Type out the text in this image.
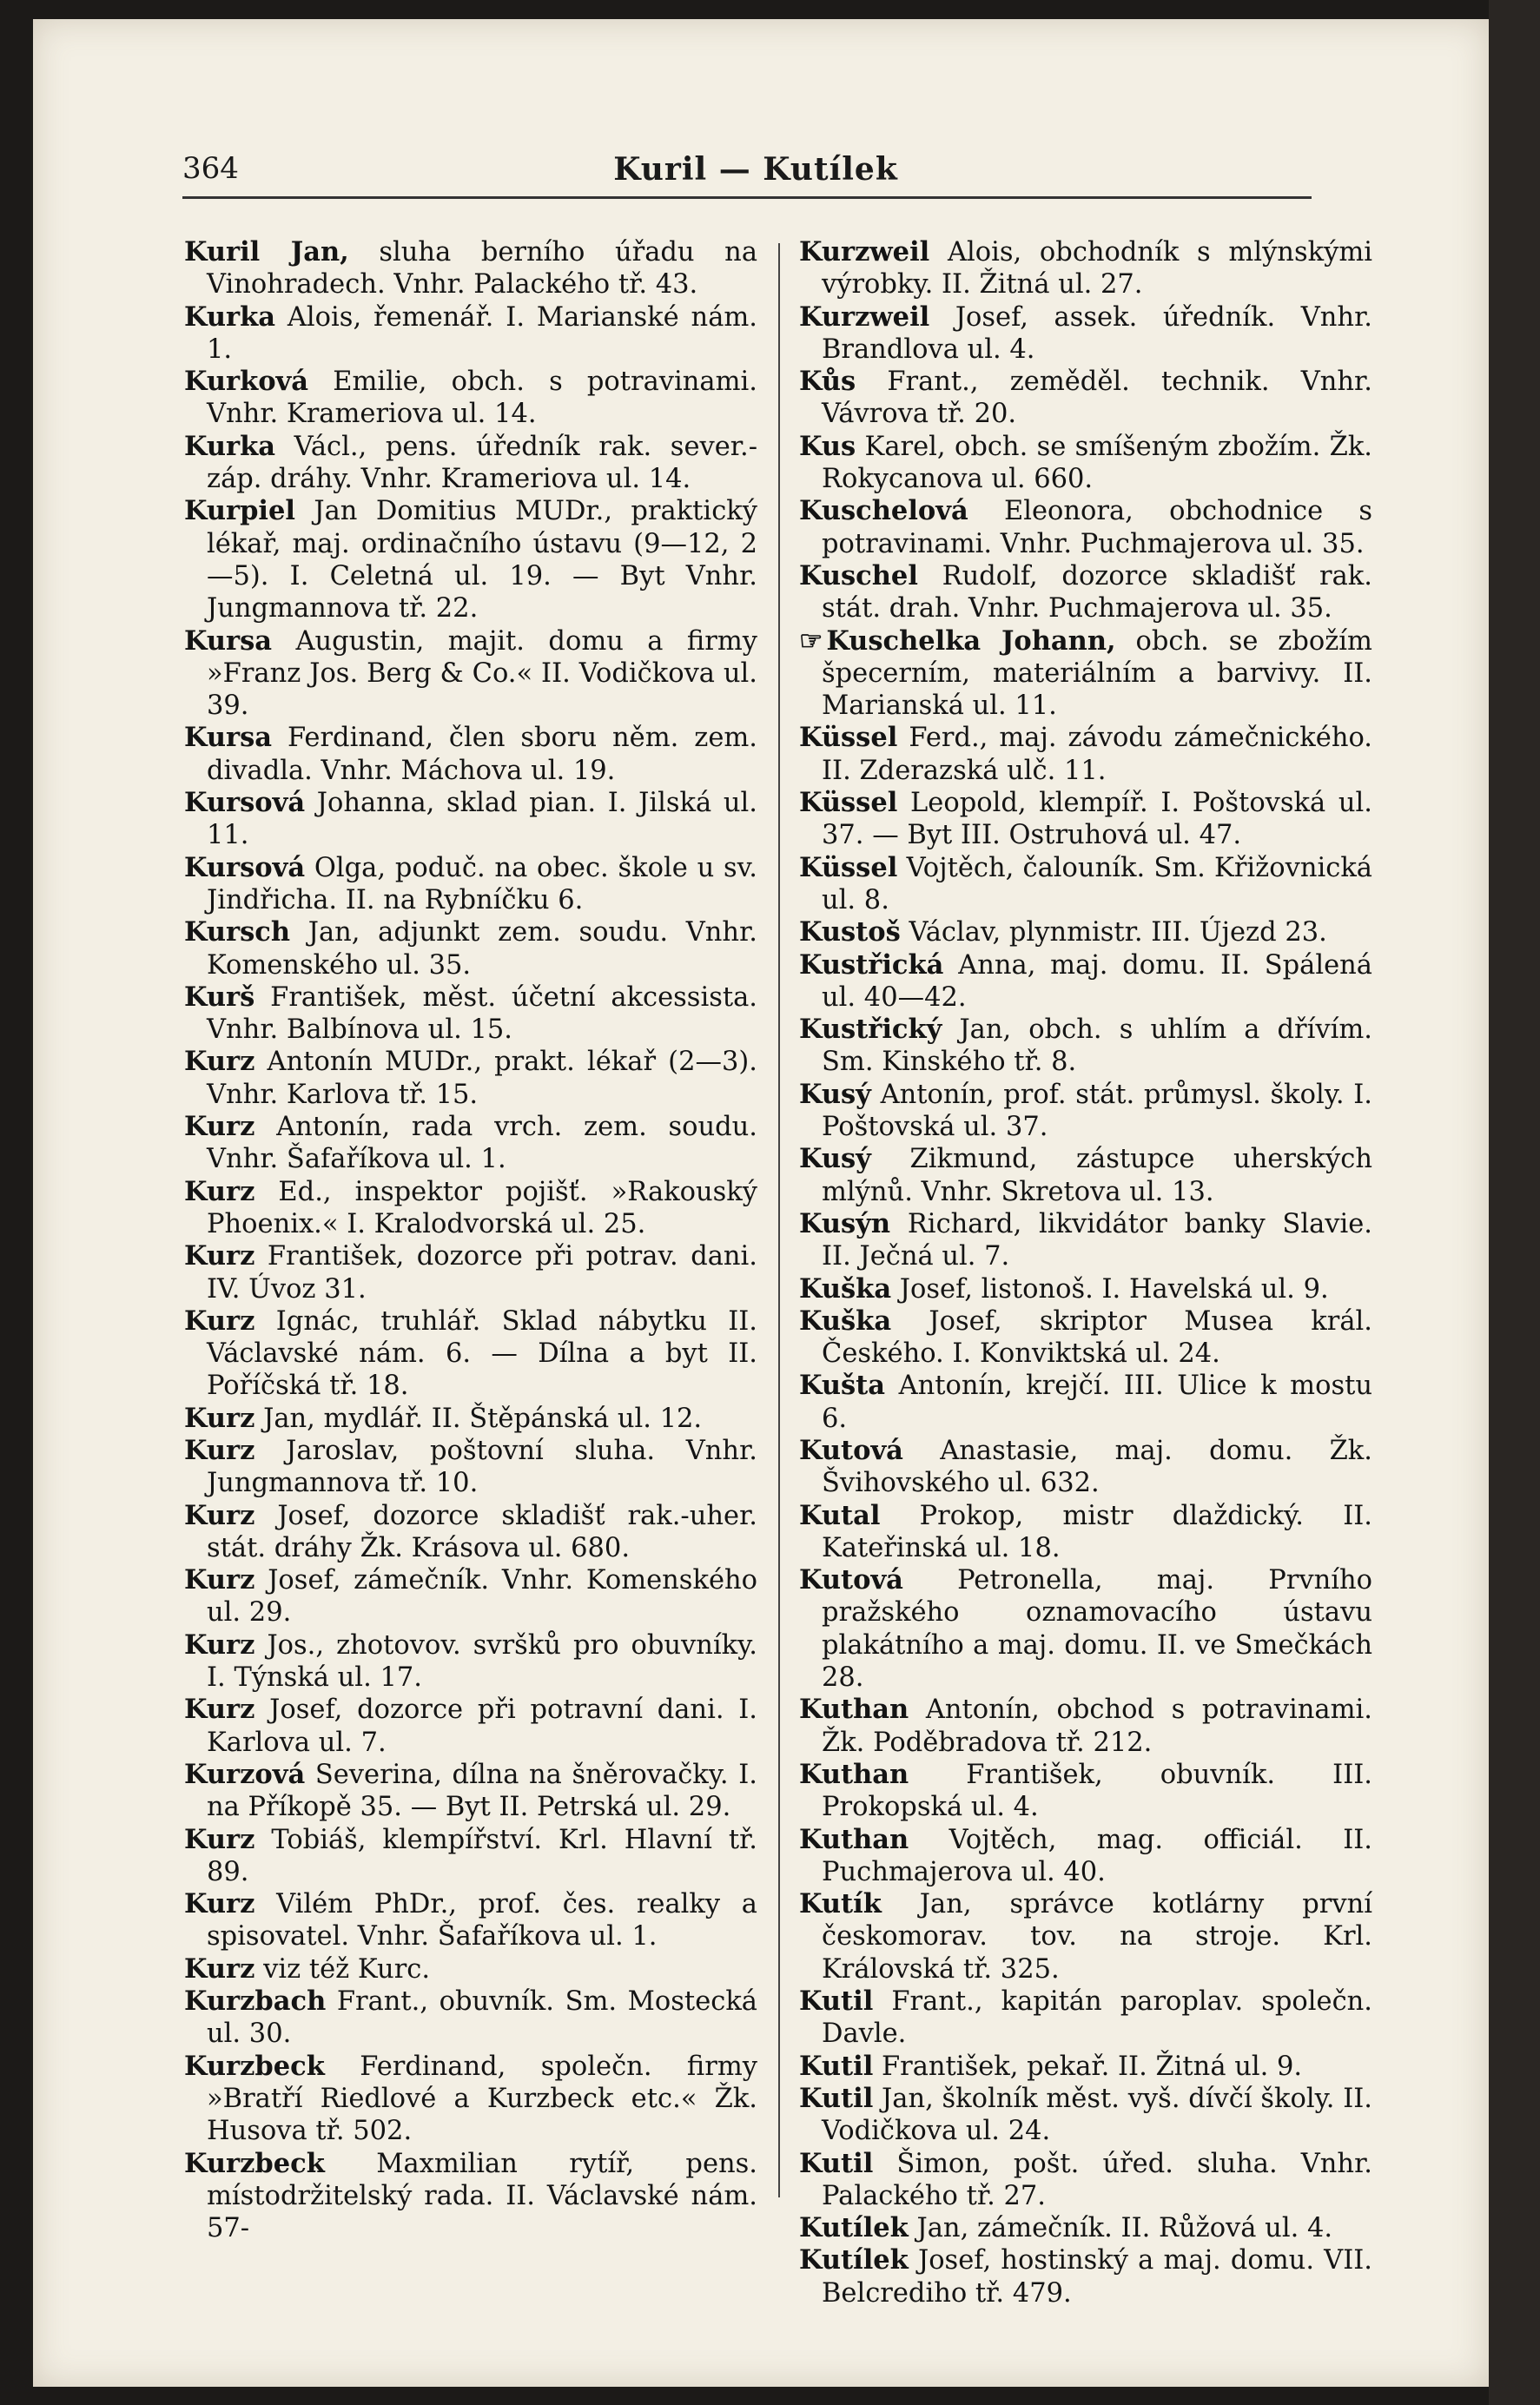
364	Kuril — Kutílek

Kuril Jan, sluha berního úřadu na Vinohradech. Vnhr. Palackého tř. 43.

Kurka Alois, řemenář. I. Marianské nám. 1.

Kurková Emilie, obch. s potravinami. Vnhr. Krameriova ul. 14.

Kurka Václ., pens. úředník rak. sever.-záp. dráhy. Vnhr. Krameriova ul. 14.

Kurpiel Jan Domitius MUDr., praktický lékař, maj. ordinačního ústavu (9—12, 2—5). I. Celetná ul. 19. — Byt Vnhr. Jungmannova tř. 22.

Kursa Augustin, majit. domu a firmy »Franz Jos. Berg & Co.« II. Vodičkova ul. 39.

Kursa Ferdinand, člen sboru něm. zem. divadla. Vnhr. Máchova ul. 19.

Kursová Johanna, sklad pian. I. Jilská ul. 11.

Kursová Olga, poduč. na obec. škole u sv. Jindřicha. II. na Rybníčku 6.

Kursch Jan, adjunkt zem. soudu. Vnhr. Komenského ul. 35.

Kurš František, měst. účetní akcessista. Vnhr. Balbínova ul. 15.

Kurz Antonín MUDr., prakt. lékař (2—3). Vnhr. Karlova tř. 15.

Kurz Antonín, rada vrch. zem. soudu. Vnhr. Šafaříkova ul. 1.

Kurz Ed., inspektor pojišť. »Rakouský Phoenix.« I. Kralodvorská ul. 25.

Kurz František, dozorce při potrav. dani. IV. Úvoz 31.

Kurz Ignác, truhlář. Sklad nábytku II. Václavské nám. 6. — Dílna a byt II. Poříčská tř. 18.

Kurz Jan, mydlář. II. Štěpánská ul. 12.

Kurz Jaroslav, poštovní sluha. Vnhr. Jungmannova tř. 10.

Kurz Josef, dozorce skladišť rak.-uher. stát. dráhy Žk. Krásova ul. 680.

Kurz Josef, zámečník. Vnhr. Komenského ul. 29.

Kurz Jos., zhotovov. svršků pro obuvníky. I. Týnská ul. 17.

Kurz Josef, dozorce při potravní dani. I. Karlova ul. 7.

Kurzová Severina, dílna na šněrovačky. I. na Příkopě 35. — Byt II. Petrská ul. 29.

Kurz Tobiáš, klempířství. Krl. Hlavní tř. 89.

Kurz Vilém PhDr., prof. čes. realky a spisovatel. Vnhr. Šafaříkova ul. 1.

Kurz viz též Kurc.

Kurzbach Frant., obuvník. Sm. Mostecká ul. 30.

Kurzbeck Ferdinand, společn. firmy »Bratří Riedlové a Kurzbeck etc.« Žk. Husova tř. 502.

Kurzbeck Maxmilian rytíř, pens. místodržitelský rada. II. Václavské nám. 57-

Kurzweil Alois, obchodník s mlýnskými výrobky. II. Žitná ul. 27.

Kurzweil Josef, assek. úředník. Vnhr. Brandlova ul. 4.

Kůs Frant., zeměděl. technik. Vnhr. Vávrova tř. 20.

Kus Karel, obch. se smíšeným zbožím. Žk. Rokycanova ul. 660.

Kuschelová Eleonora, obchodnice s potravinami. Vnhr. Puchmajerova ul. 35.

Kuschel Rudolf, dozorce skladišť rak. stát. drah. Vnhr. Puchmajerova ul. 35.

☞ Kuschelka Johann, obch. se zbožím špecerním, materiálním a barvivy. II. Marianská ul. 11.

Küssel Ferd., maj. závodu zámečnického. II. Zderazská ulč. 11.

Küssel Leopold, klempíř. I. Poštovská ul. 37. — Byt III. Ostruhová ul. 47.

Küssel Vojtěch, čalouník. Sm. Křižovnická ul. 8.

Kustoš Václav, plynmistr. III. Újezd 23.

Kustřická Anna, maj. domu. II. Spálená ul. 40—42.

Kustřický Jan, obch. s uhlím a dřívím. Sm. Kinského tř. 8.

Kusý Antonín, prof. stát. průmysl. školy. I. Poštovská ul. 37.

Kusý Zikmund, zástupce uherských mlýnů. Vnhr. Skretova ul. 13.

Kusýn Richard, likvidátor banky Slavie. II. Ječná ul. 7.

Kuška Josef, listonoš. I. Havelská ul. 9.

Kuška Josef, skriptor Musea král. Českého. I. Konviktská ul. 24.

Kušta Antonín, krejčí. III. Ulice k mostu 6.

Kutová Anastasie, maj. domu. Žk. Švihovského ul. 632.

Kutal Prokop, mistr dlaždický. II. Kateřinská ul. 18.

Kutová Petronella, maj. Prvního pražského oznamovacího ústavu plakátního a maj. domu. II. ve Smečkách 28.

Kuthan Antonín, obchod s potravinami. Žk. Poděbradova tř. 212.

Kuthan František, obuvník. III. Prokopská ul. 4.

Kuthan Vojtěch, mag. officiál. II. Puchmajerova ul. 40.

Kutík Jan, správce kotlárny první českomorav. tov. na stroje. Krl. Královská tř. 325.

Kutil Frant., kapitán paroplav. společn. Davle.

Kutil František, pekař. II. Žitná ul. 9.

Kutil Jan, školník měst. vyš. dívčí školy. II. Vodičkova ul. 24.

Kutil Šimon, pošt. úřed. sluha. Vnhr. Palackého tř. 27.

Kutílek Jan, zámečník. II. Růžová ul. 4.

Kutílek Josef, hostinský a maj. domu. VII. Belcrediho tř. 479.
